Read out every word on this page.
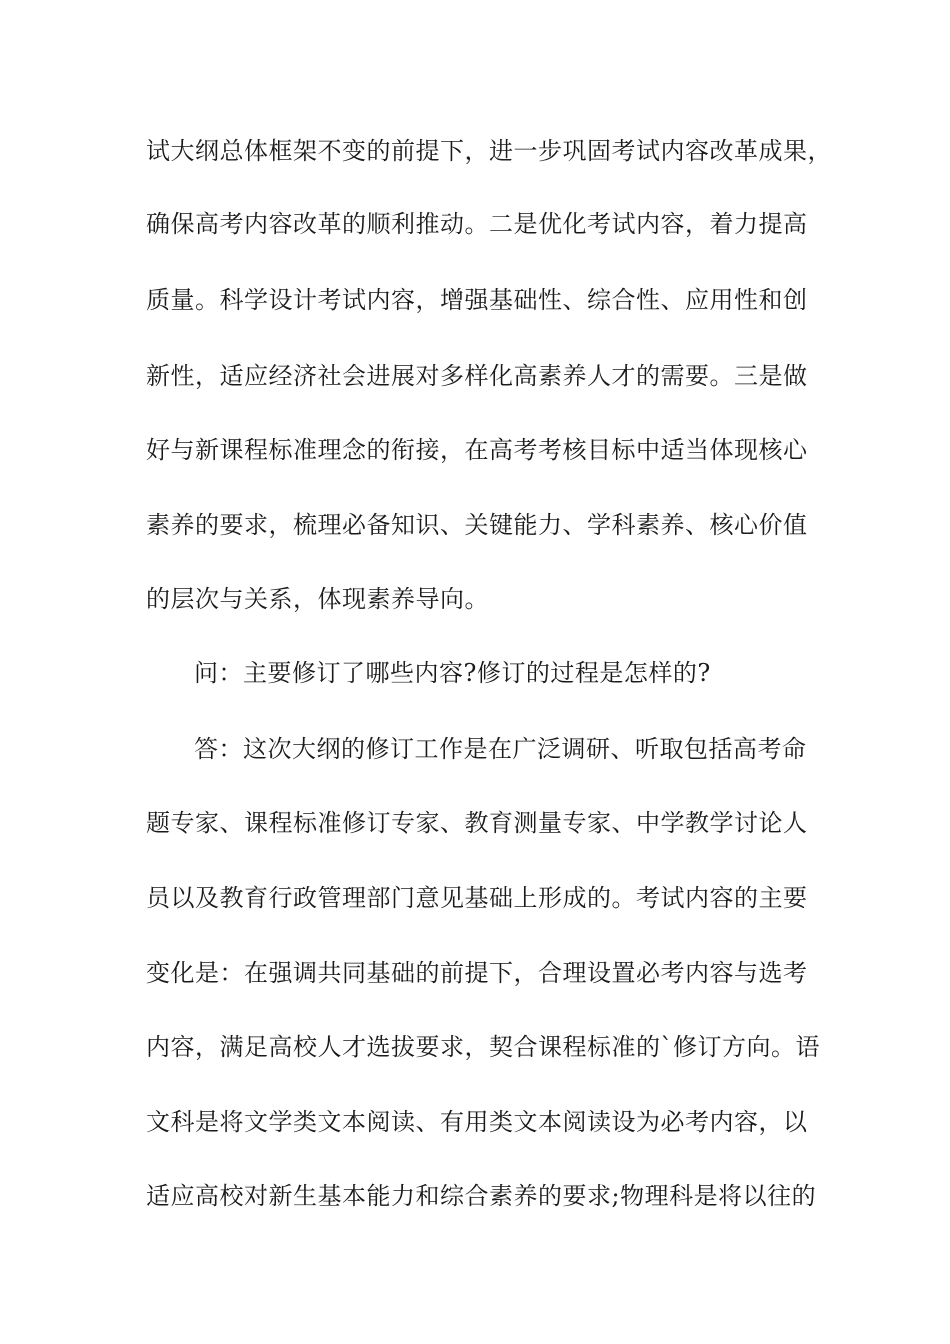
试大纲总体框架不变的前提下，进一步巩固考试内容改革成果，
确保高考内容改革的顺利推动。二是优化考试内容，着力提高
质量。科学设计考试内容，增强基础性、综合性、应用性和创
新性，适应经济社会进展对多样化高素养人才的需要。三是做
好与新课程标准理念的衔接，在高考考核目标中适当体现核心
素养的要求，梳理必备知识、关键能力、学科素养、核心价值
的层次与关系，体现素养导向。
问：主要修订了哪些内容?修订的过程是怎样的?
答：这次大纲的修订工作是在广泛调研、听取包括高考命
题专家、课程标准修订专家、教育测量专家、中学教学讨论人
员以及教育行政管理部门意见基础上形成的。考试内容的主要
变化是：在强调共同基础的前提下，合理设置必考内容与选考
内容，满足高校人才选拔要求，契合课程标准的`修订方向。语
文科是将文学类文本阅读、有用类文本阅读设为必考内容，以
适应高校对新生基本能力和综合素养的要求;物理科是将以往的
